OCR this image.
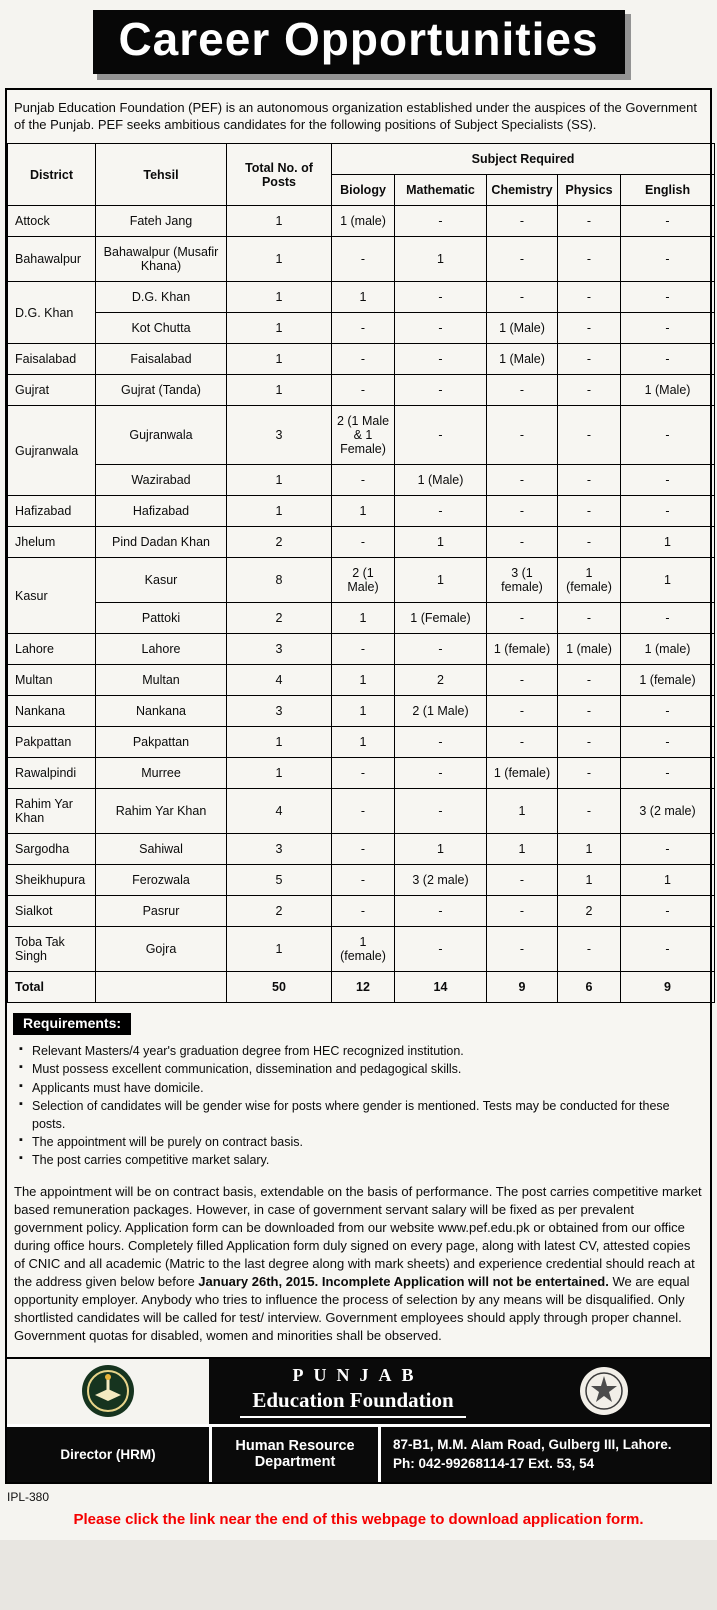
Career Opportunities

Punjab Education Foundation (PEF) is an autonomous organization established under the auspices of the Government of the Punjab. PEF seeks ambitious candidates for the following positions of Subject Specialists (SS).

District	Tehsil	Total No. of Posts	Subject Required				
			Biology	Mathematic	Chemistry	Physics	English
Attock	Fateh Jang	1	1 (male)	-	-	-	-
Bahawalpur	Bahawalpur (Musafir Khana)	1	-	1	-	-	-
D.G. Khan	D.G. Khan	1	1	-	-	-	-
	Kot Chutta	1	-	-	1 (Male)	-	-
Faisalabad	Faisalabad	1	-	-	1 (Male)	-	-
Gujrat	Gujrat (Tanda)	1	-	-	-	-	1 (Male)
Gujranwala	Gujranwala	3	2 (1 Male & 1 Female)	-	-	-	-
	Wazirabad	1	-	1 (Male)	-	-	-
Hafizabad	Hafizabad	1	1	-	-	-	-
Jhelum	Pind Dadan Khan	2	-	1	-	-	1
Kasur	Kasur	8	2 (1 Male)	1	3 (1 female)	1 (female)	1
	Pattoki	2	1	1 (Female)	-	-	-
Lahore	Lahore	3	-	-	1 (female)	1 (male)	1 (male)
Multan	Multan	4	1	2	-	-	1 (female)
Nankana	Nankana	3	1	2 (1 Male)	-	-	-
Pakpattan	Pakpattan	1	1	-	-	-	-
Rawalpindi	Murree	1	-	-	1 (female)	-	-
Rahim Yar Khan	Rahim Yar Khan	4	-	-	1	-	3 (2 male)
Sargodha	Sahiwal	3	-	1	1	1	-
Sheikhupura	Ferozwala	5	-	3 (2 male)	-	1	1
Sialkot	Pasrur	2	-	-	-	2	-
Toba Tak Singh	Gojra	1	1 (female)	-	-	-	-
Total		50	12	14	9	6	9
Requirements:
▪ Relevant Masters/4 year's graduation degree from HEC recognized institution.
▪ Must possess excellent communication, dissemination and pedagogical skills.
▪ Applicants must have domicile.
▪ Selection of candidates will be gender wise for posts where gender is mentioned. Tests may be conducted for these posts.
▪ The appointment will be purely on contract basis.
▪ The post carries competitive market salary.

The appointment will be on contract basis, extendable on the basis of performance. The post carries competitive market based remuneration packages. However, in case of government servant salary will be fixed as per prevalent government policy. Application form can be downloaded from our website www.pef.edu.pk or obtained from our office during office hours. Completely filled Application form duly signed on every page, along with latest CV, attested copies of CNIC and all academic (Matric to the last degree along with mark sheets) and experience credential should reach at the address given below before January 26th, 2015. Incomplete Application will not be entertained. We are equal opportunity employer. Anybody who tries to influence the process of selection by any means will be disqualified. Only shortlisted candidates will be called for test/ interview. Government employees should apply through proper channel. Government quotas for disabled, women and minorities shall be observed.

PUNJAB
Education Foundation
Director (HRM)	Human Resource Department
87-B1, M.M. Alam Road, Gulberg III, Lahore.
Ph: 042-99268114-17 Ext. 53, 54
IPL-380

Please click the link near the end of this webpage to download application form.
